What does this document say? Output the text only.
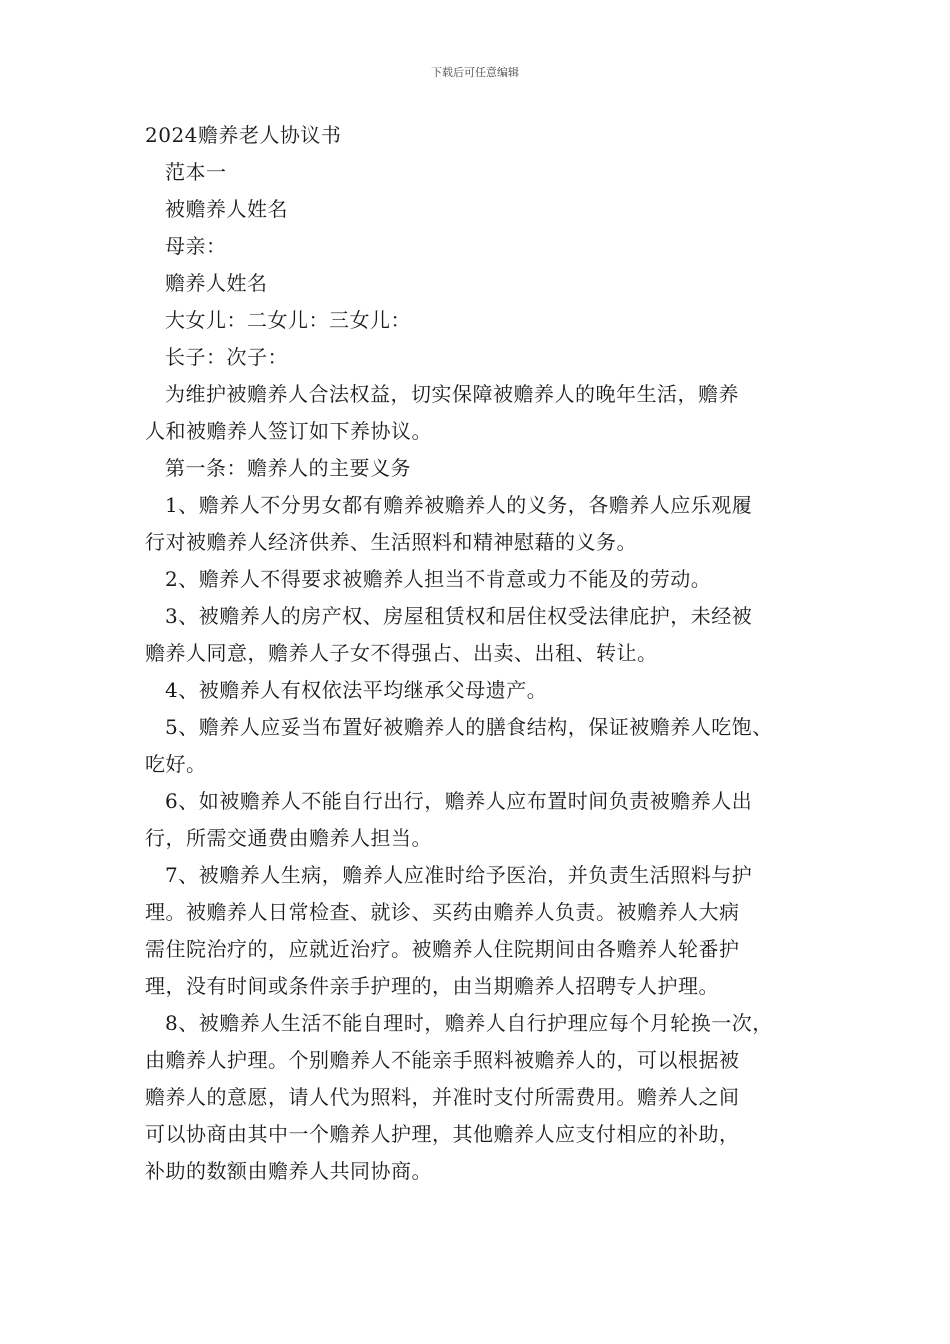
下载后可任意编辑
2024赡养老人协议书
范本一
被赡养人姓名
母亲：
赡养人姓名
大女儿：二女儿：三女儿：
长子：次子：
为维护被赡养人合法权益，切实保障被赡养人的晚年生活，赡养
人和被赡养人签订如下养协议。
第一条：赡养人的主要义务
1、赡养人不分男女都有赡养被赡养人的义务，各赡养人应乐观履
行对被赡养人经济供养、生活照料和精神慰藉的义务。
2、赡养人不得要求被赡养人担当不肯意或力不能及的劳动。
3、被赡养人的房产权、房屋租赁权和居住权受法律庇护，未经被
赡养人同意，赡养人子女不得强占、出卖、出租、转让。
4、被赡养人有权依法平均继承父母遗产。
5、赡养人应妥当布置好被赡养人的膳食结构，保证被赡养人吃饱、
吃好。
6、如被赡养人不能自行出行，赡养人应布置时间负责被赡养人出
行，所需交通费由赡养人担当。
7、被赡养人生病，赡养人应准时给予医治，并负责生活照料与护
理。被赡养人日常检查、就诊、买药由赡养人负责。被赡养人大病
需住院治疗的，应就近治疗。被赡养人住院期间由各赡养人轮番护
理，没有时间或条件亲手护理的，由当期赡养人招聘专人护理。
8、被赡养人生活不能自理时，赡养人自行护理应每个月轮换一次，
由赡养人护理。个别赡养人不能亲手照料被赡养人的，可以根据被
赡养人的意愿，请人代为照料，并准时支付所需费用。赡养人之间
可以协商由其中一个赡养人护理，其他赡养人应支付相应的补助，
补助的数额由赡养人共同协商。
